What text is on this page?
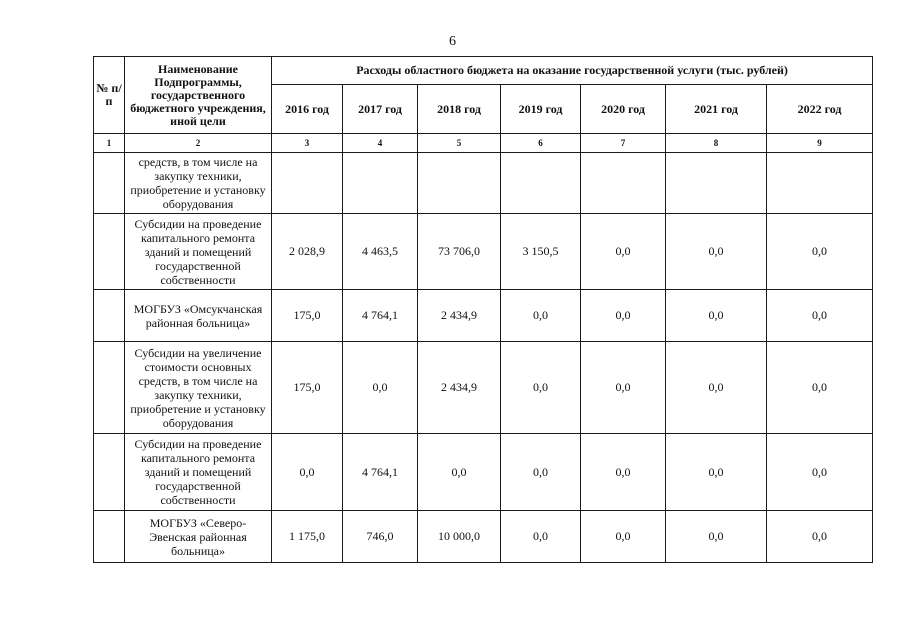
6
№ п/п	Наименование Подпрограммы, государственного бюджетного учреждения, иной цели	Расходы областного бюджета на оказание государственной услуги (тыс. рублей)						
		2016 год	2017 год	2018 год	2019 год	2020 год	2021 год	2022 год
1	2	3	4	5	6	7	8	9
	средств, в том числе на закупку техники, приобретение и установку оборудования							
	Субсидии на проведение капитального ремонта зданий и помещений государственной собственности	2 028,9	4 463,5	73 706,0	3 150,5	0,0	0,0	0,0
	МОГБУЗ «Омсукчанская районная больница»	175,0	4 764,1	2 434,9	0,0	0,0	0,0	0,0
	Субсидии на увеличение стоимости основных средств, в том числе на закупку техники, приобретение и установку оборудования	175,0	0,0	2 434,9	0,0	0,0	0,0	0,0
	Субсидии на проведение капитального ремонта зданий и помещений государственной собственности	0,0	4 764,1	0,0	0,0	0,0	0,0	0,0
	МОГБУЗ «Северо-Эвенская районная больница»	1 175,0	746,0	10 000,0	0,0	0,0	0,0	0,0
